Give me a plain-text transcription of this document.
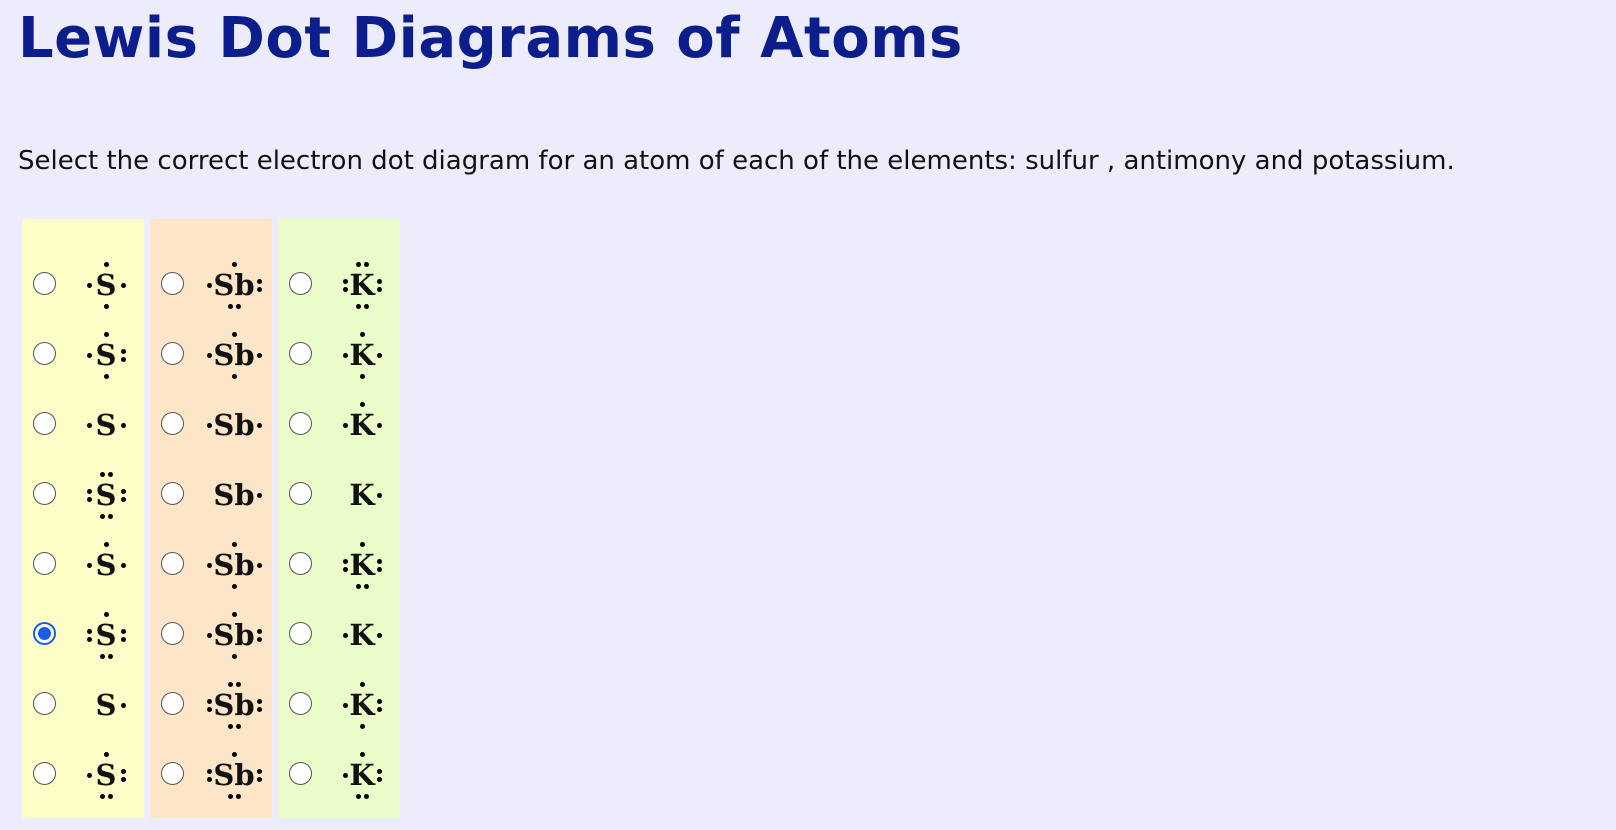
Lewis Dot Diagrams of Atoms

Select the correct electron dot diagram for an atom of each of the elements: sulfur , antimony and potassium.

S
S
S
S
S
S
S
S
Sb
Sb
Sb
Sb
Sb
Sb
Sb
Sb
K
K
K
K
K
K
K
K
